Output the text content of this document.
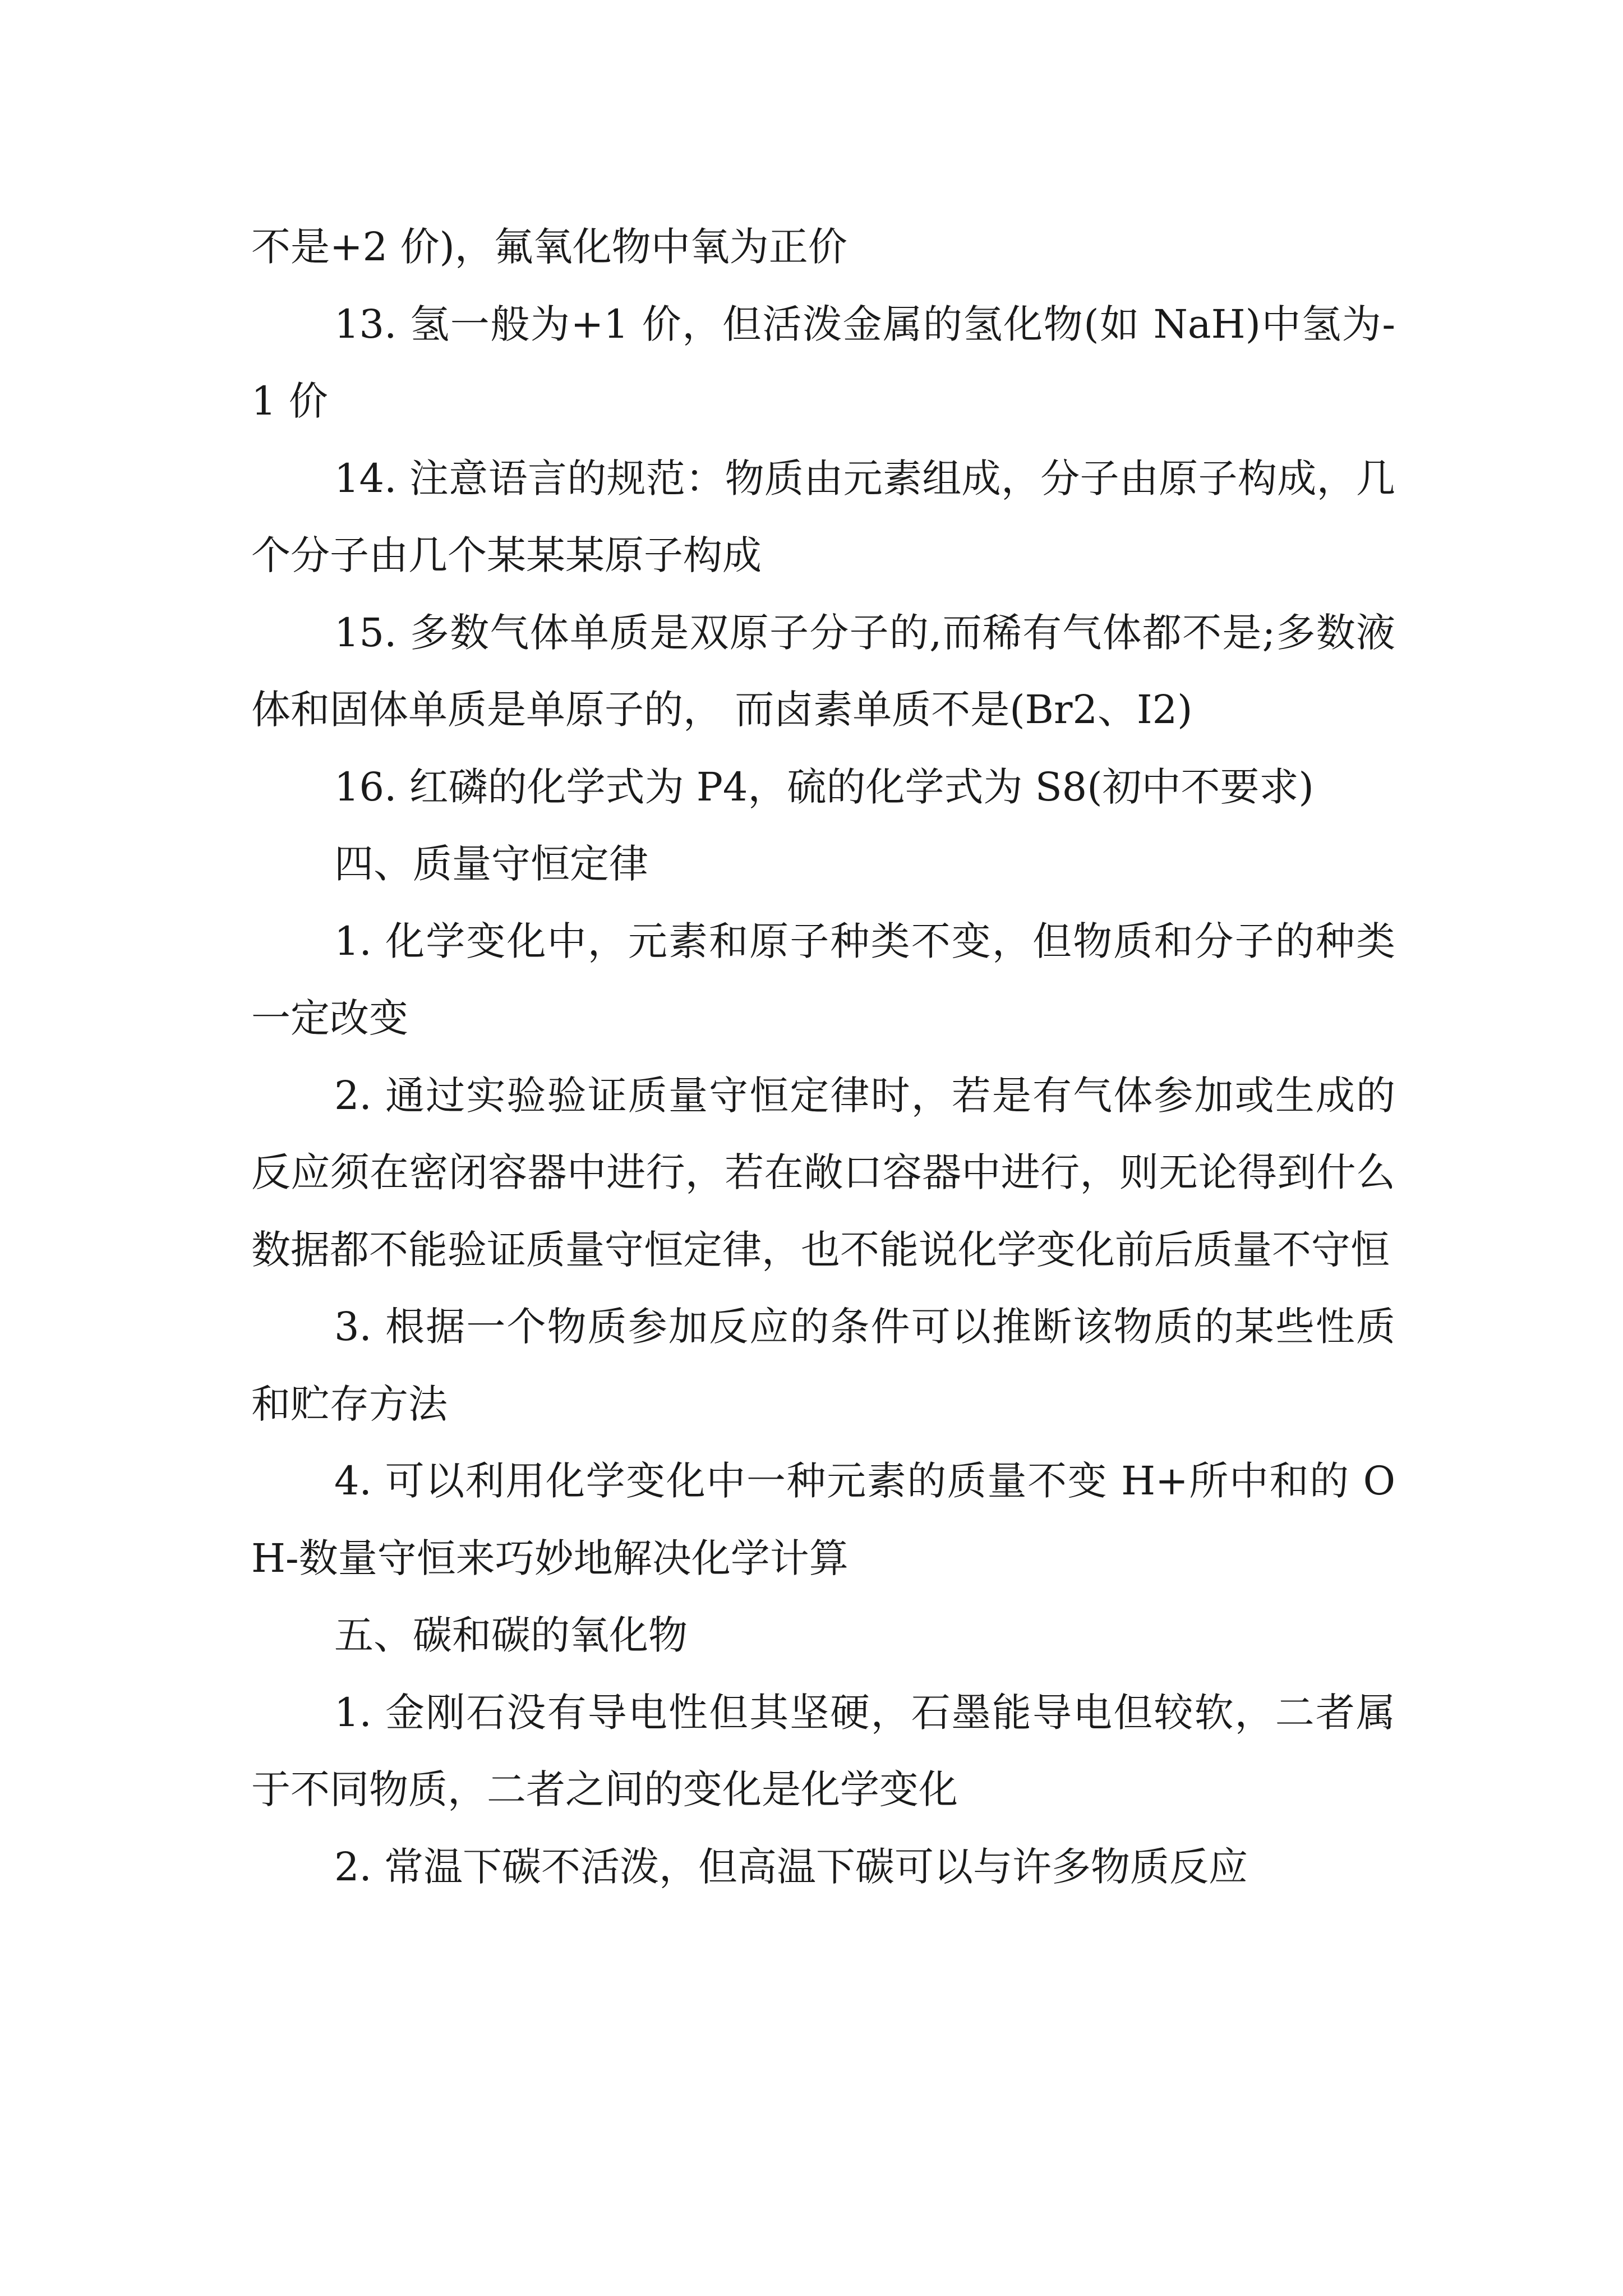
不是+2 价)，氟氧化物中氧为正价

13. 氢一般为+1 价，但活泼金属的氢化物(如 NaH)中氢为-1 价

14. 注意语言的规范：物质由元素组成，分子由原子构成，几个分子由几个某某某原子构成

15. 多数气体单质是双原子分子的,而稀有气体都不是;多数液体和固体单质是单原子的， 而卤素单质不是(Br2、I2)

16. 红磷的化学式为 P4，硫的化学式为 S8(初中不要求)

四、质量守恒定律

1. 化学变化中，元素和原子种类不变，但物质和分子的种类一定改变

2. 通过实验验证质量守恒定律时，若是有气体参加或生成的反应须在密闭容器中进行，若在敞口容器中进行，则无论得到什么数据都不能验证质量守恒定律，也不能说化学变化前后质量不守恒

3. 根据一个物质参加反应的条件可以推断该物质的某些性质和贮存方法

4. 可以利用化学变化中一种元素的质量不变 H+所中和的 OH-数量守恒来巧妙地解决化学计算

五、碳和碳的氧化物

1. 金刚石没有导电性但其坚硬，石墨能导电但较软，二者属于不同物质，二者之间的变化是化学变化

2. 常温下碳不活泼，但高温下碳可以与许多物质反应
